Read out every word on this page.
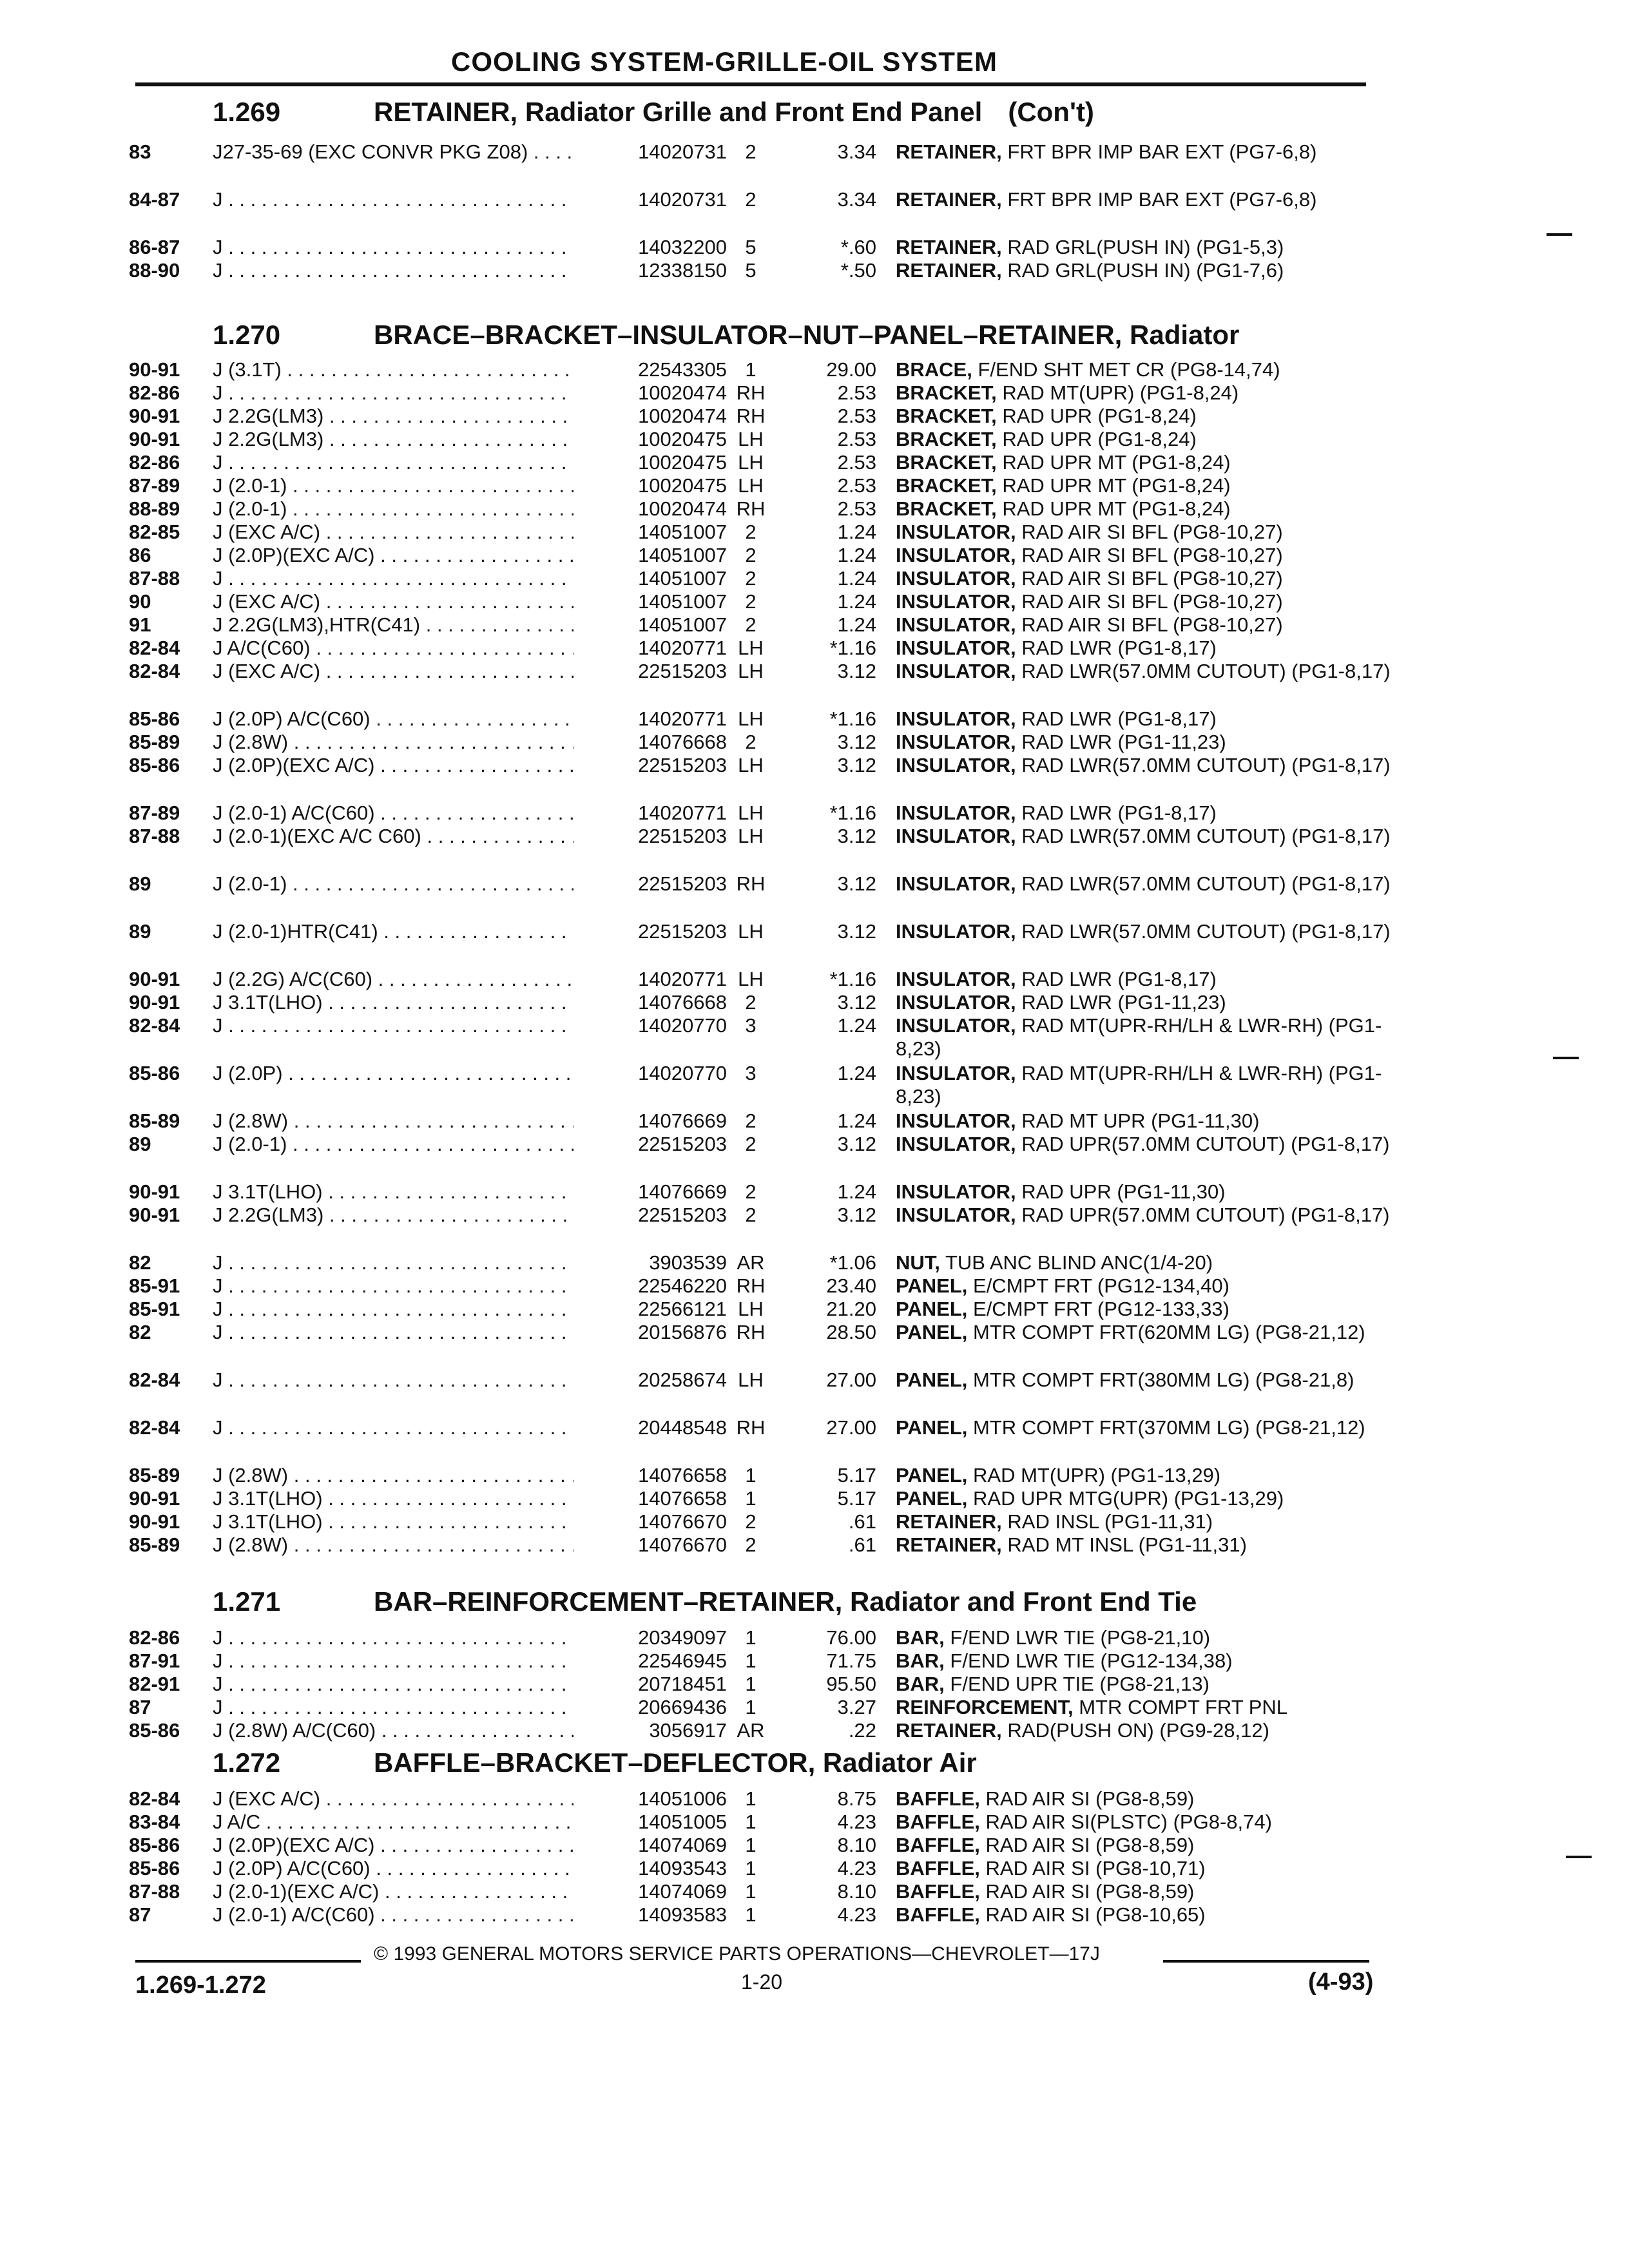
COOLING SYSTEM-GRILLE-OIL SYSTEM
1.269	RETAINER, Radiator Grille and Front End Panel (Con't)
83	J27-35-69 (EXC CONVR PKG Z08) . . .	14020731 2	3.34 RETAINER, FRT BPR IMP BAR EXT (PG7-6,8)
84-87 J . . .	14020731 2	3.34 RETAINER, FRT BPR IMP BAR EXT (PG7-6,8)
86-87 J . . .	14032200 5	*.60 RETAINER, RAD GRL(PUSH IN) (PG1-5,3)
88-90 J . . .	12338150 5	*.50 RETAINER, RAD GRL(PUSH IN) (PG1-7,6)
1.270	BRACE–BRACKET–INSULATOR–NUT–PANEL–RETAINER, Radiator
90-91 J (3.1T) . . .	22543305 1	29.00 BRACE, F/END SHT MET CR (PG8-14,74)
82-86 J . . .	10020474 RH	2.53 BRACKET, RAD MT(UPR) (PG1-8,24)
90-91 J 2.2G(LM3) . . .	10020474 RH	2.53 BRACKET, RAD UPR (PG1-8,24)
90-91 J 2.2G(LM3) . . .	10020475 LH	2.53 BRACKET, RAD UPR (PG1-8,24)
82-86 J . . .	10020475 LH	2.53 BRACKET, RAD UPR MT (PG1-8,24)
87-89 J (2.0-1) . . .	10020475 LH	2.53 BRACKET, RAD UPR MT (PG1-8,24)
88-89 J (2.0-1) . . .	10020474 RH	2.53 BRACKET, RAD UPR MT (PG1-8,24)
82-85 J (EXC A/C) . . .	14051007 2	1.24 INSULATOR, RAD AIR SI BFL (PG8-10,27)
86	J (2.0P)(EXC A/C) . . .	14051007 2	1.24 INSULATOR, RAD AIR SI BFL (PG8-10,27)
87-88 J . . .	14051007 2	1.24 INSULATOR, RAD AIR SI BFL (PG8-10,27)
90	J (EXC A/C) . . .	14051007 2	1.24 INSULATOR, RAD AIR SI BFL (PG8-10,27)
91	J 2.2G(LM3),HTR(C41) . . .	14051007 2	1.24 INSULATOR, RAD AIR SI BFL (PG8-10,27)
82-84 J A/C(C60) . . .	14020771 LH	*1.16 INSULATOR, RAD LWR (PG1-8,17)
82-84 J (EXC A/C) . . .	22515203 LH	3.12 INSULATOR, RAD LWR(57.0MM CUTOUT) (PG1-8,17)
85-86 J (2.0P) A/C(C60) . . .	14020771 LH	*1.16 INSULATOR, RAD LWR (PG1-8,17)
85-89 J (2.8W) . . .	14076668 2	3.12 INSULATOR, RAD LWR (PG1-11,23)
85-86 J (2.0P)(EXC A/C) . . .	22515203 LH	3.12 INSULATOR, RAD LWR(57.0MM CUTOUT) (PG1-8,17)
87-89 J (2.0-1) A/C(C60) . . .	14020771 LH	*1.16 INSULATOR, RAD LWR (PG1-8,17)
87-88 J (2.0-1)(EXC A/C C60) . . .	22515203 LH	3.12 INSULATOR, RAD LWR(57.0MM CUTOUT) (PG1-8,17)
89	J (2.0-1) . . .	22515203 RH	3.12 INSULATOR, RAD LWR(57.0MM CUTOUT) (PG1-8,17)
89	J (2.0-1)HTR(C41) . . .	22515203 LH	3.12 INSULATOR, RAD LWR(57.0MM CUTOUT) (PG1-8,17)
90-91 J (2.2G) A/C(C60) . . .	14020771 LH	*1.16 INSULATOR, RAD LWR (PG1-8,17)
90-91 J 3.1T(LHO) . . .	14076668 2	3.12 INSULATOR, RAD LWR (PG1-11,23)
82-84 J . . .	14020770 3	1.24 INSULATOR, RAD MT(UPR-RH/LH & LWR-RH) (PG1-8,23)
85-86 J (2.0P) . . .	14020770 3	1.24 INSULATOR, RAD MT(UPR-RH/LH & LWR-RH) (PG1-8,23)
85-89 J (2.8W) . . .	14076669 2	1.24 INSULATOR, RAD MT UPR (PG1-11,30)
89	J (2.0-1) . . .	22515203 2	3.12 INSULATOR, RAD UPR(57.0MM CUTOUT) (PG1-8,17)
90-91 J 3.1T(LHO) . . .	14076669 2	1.24 INSULATOR, RAD UPR (PG1-11,30)
90-91 J 2.2G(LM3) . . .	22515203 2	3.12 INSULATOR, RAD UPR(57.0MM CUTOUT) (PG1-8,17)
82	J . . .	3903539 AR	*1.06 NUT, TUB ANC BLIND ANC(1/4-20)
85-91 J . . .	22546220 RH	23.40 PANEL, E/CMPT FRT (PG12-134,40)
85-91 J . . .	22566121 LH	21.20 PANEL, E/CMPT FRT (PG12-133,33)
82	J . . .	20156876 RH	28.50 PANEL, MTR COMPT FRT(620MM LG) (PG8-21,12)
82-84 J . . .	20258674 LH	27.00 PANEL, MTR COMPT FRT(380MM LG) (PG8-21,8)
82-84 J . . .	20448548 RH	27.00 PANEL, MTR COMPT FRT(370MM LG) (PG8-21,12)
85-89 J (2.8W) . . .	14076658 1	5.17 PANEL, RAD MT(UPR) (PG1-13,29)
90-91 J 3.1T(LHO) . . .	14076658 1	5.17 PANEL, RAD UPR MTG(UPR) (PG1-13,29)
90-91 J 3.1T(LHO) . . .	14076670 2	.61 RETAINER, RAD INSL (PG1-11,31)
85-89 J (2.8W) . . .	14076670 2	.61 RETAINER, RAD MT INSL (PG1-11,31)
1.271	BAR–REINFORCEMENT–RETAINER, Radiator and Front End Tie
82-86 J . . .	20349097 1	76.00 BAR, F/END LWR TIE (PG8-21,10)
87-91 J . . .	22546945 1	71.75 BAR, F/END LWR TIE (PG12-134,38)
82-91 J . . .	20718451 1	95.50 BAR, F/END UPR TIE (PG8-21,13)
87	J . . .	20669436 1	3.27 REINFORCEMENT, MTR COMPT FRT PNL
85-86 J (2.8W) A/C(C60) . . .	3056917 AR	.22 RETAINER, RAD(PUSH ON) (PG9-28,12)
1.272	BAFFLE–BRACKET–DEFLECTOR, Radiator Air
82-84 J (EXC A/C) . . .	14051006 1	8.75 BAFFLE, RAD AIR SI (PG8-8,59)
83-84 J A/C . . .	14051005 1	4.23 BAFFLE, RAD AIR SI(PLSTC) (PG8-8,74)
85-86 J (2.0P)(EXC A/C) . . .	14074069 1	8.10 BAFFLE, RAD AIR SI (PG8-8,59)
85-86 J (2.0P) A/C(C60) . . .	14093543 1	4.23 BAFFLE, RAD AIR SI (PG8-10,71)
87-88 J (2.0-1)(EXC A/C) . . .	14074069 1	8.10 BAFFLE, RAD AIR SI (PG8-8,59)
87	J (2.0-1) A/C(C60) . . .	14093583 1	4.23 BAFFLE, RAD AIR SI (PG8-10,65)
© 1993 GENERAL MOTORS SERVICE PARTS OPERATIONS—CHEVROLET—17J
1.269-1.272	1-20	(4-93)
